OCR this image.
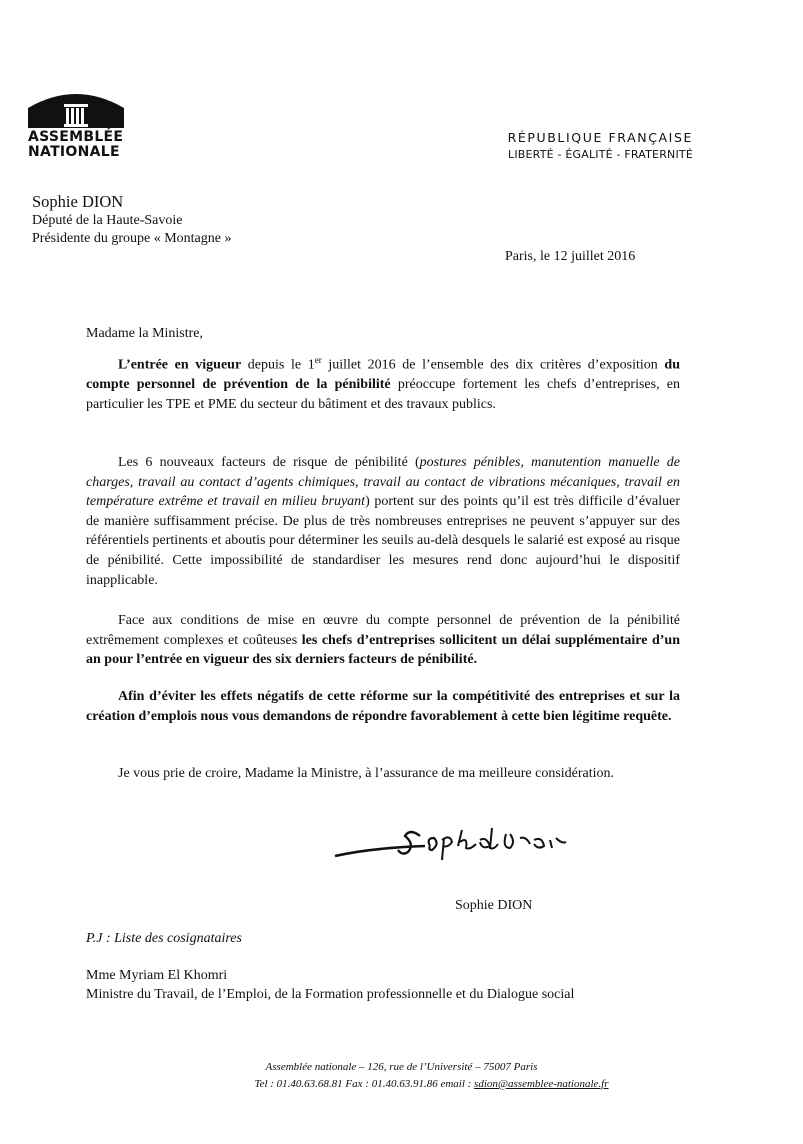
ASSEMBLÉE
NATIONALE
RÉPUBLIQUE FRANÇAISE
LIBERTÉ - ÉGALITÉ - FRATERNITÉ
Sophie DION
Député de la Haute-Savoie
Présidente du groupe « Montagne »
Paris, le 12 juillet 2016
Madame la Ministre,

L’entrée en vigueur depuis le 1er juillet 2016 de l’ensemble des dix critères d’exposition du compte personnel de prévention de la pénibilité préoccupe fortement les chefs d’entreprises, en particulier les TPE et PME du secteur du bâtiment et des travaux publics.

Les 6 nouveaux facteurs de risque de pénibilité (postures pénibles, manutention manuelle de charges, travail au contact d’agents chimiques, travail au contact de vibrations mécaniques, travail en température extrême et travail en milieu bruyant) portent sur des points qu’il est très difficile d’évaluer de manière suffisamment précise. De plus de très nombreuses entreprises ne peuvent s’appuyer sur des référentiels pertinents et aboutis pour déterminer les seuils au-delà desquels le salarié est exposé au risque de pénibilité. Cette impossibilité de standardiser les mesures rend donc aujourd’hui le dispositif inapplicable.

Face aux conditions de mise en œuvre du compte personnel de prévention de la pénibilité extrêmement complexes et coûteuses les chefs d’entreprises sollicitent un délai supplémentaire d’un an pour l’entrée en vigueur des six derniers facteurs de pénibilité.

Afin d’éviter les effets négatifs de cette réforme sur la compétitivité des entreprises et sur la création d’emplois nous vous demandons de répondre favorablement à cette bien légitime requête.

Je vous prie de croire, Madame la Ministre, à l’assurance de ma meilleure considération.

Sophie DION
P.J : Liste des cosignataires
Mme Myriam El Khomri
Ministre du Travail, de l’Emploi, de la Formation professionnelle et du Dialogue social
Assemblée nationale – 126, rue de l’Université – 75007 Paris
Tel : 01.40.63.68.81 Fax : 01.40.63.91.86 email : sdion@assemblee-nationale.fr
